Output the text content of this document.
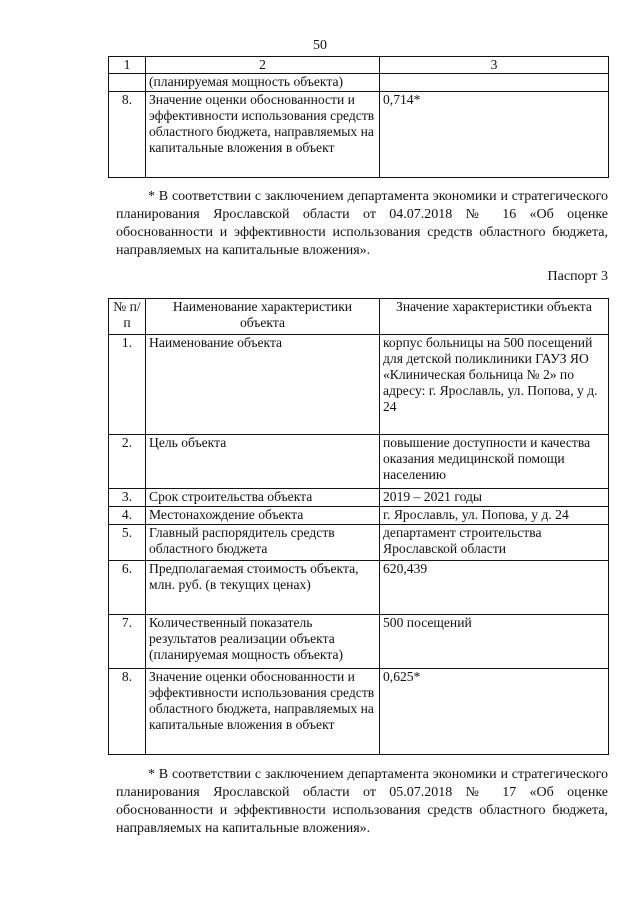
50
1	2	3
	(планируемая мощность объекта)	
8.	Значение оценки обоснованности и эффективности использования средств областного бюджета, направляемых на капитальные вложения в объект	0,714*

* В соответствии с заключением департамента экономики и стратегического планирования Ярославской области от 04.07.2018 № 16 «Об оценке обоснованности и эффективности использования средств областного бюджета, направляемых на капитальные вложения».

Паспорт 3
№ п/п	Наименование характеристики объекта	Значение характеристики объекта
1.	Наименование объекта	корпус больницы на 500 посещений для детской поликлиники ГАУЗ ЯО «Клиническая больница № 2» по адресу: г. Ярославль, ул. Попова, у д. 24
2.	Цель объекта	повышение доступности и качества оказания медицинской помощи населению
3.	Срок строительства объекта	2019 – 2021 годы
4.	Местонахождение объекта	г. Ярославль, ул. Попова, у д. 24
5.	Главный распорядитель средств областного бюджета	департамент строительства Ярославской области
6.	Предполагаемая стоимость объекта, млн. руб. (в текущих ценах)	620,439
7.	Количественный показатель результатов реализации объекта (планируемая мощность объекта)	500 посещений
8.	Значение оценки обоснованности и эффективности использования средств областного бюджета, направляемых на капитальные вложения в объект	0,625*

* В соответствии с заключением департамента экономики и стратегического планирования Ярославской области от 05.07.2018 № 17 «Об оценке обоснованности и эффективности использования средств областного бюджета, направляемых на капитальные вложения».
